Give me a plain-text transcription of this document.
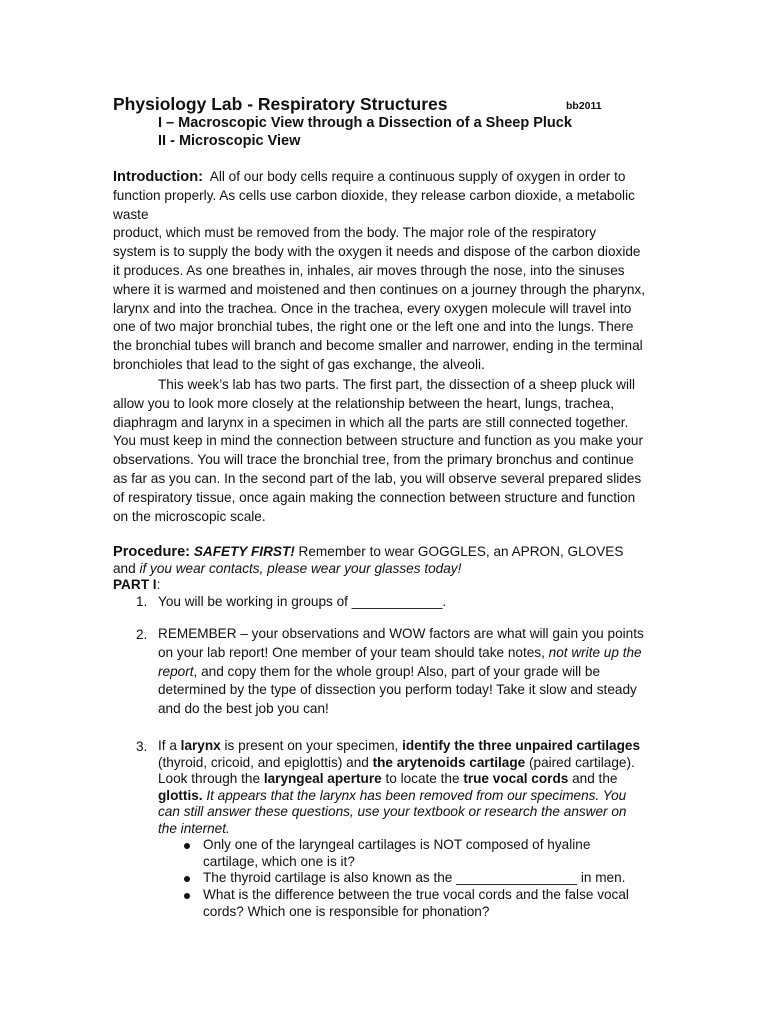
Physiology Lab - Respiratory Structures	bb2011
I – Macroscopic View through a Dissection of a Sheep Pluck
II - Microscopic View
Introduction: All of our body cells require a continuous supply of oxygen in order to
function properly. As cells use carbon dioxide, they release carbon dioxide, a metabolic waste
product, which must be removed from the body. The major role of the respiratory
system is to supply the body with the oxygen it needs and dispose of the carbon dioxide
it produces. As one breathes in, inhales, air moves through the nose, into the sinuses
where it is warmed and moistened and then continues on a journey through the pharynx,
larynx and into the trachea. Once in the trachea, every oxygen molecule will travel into
one of two major bronchial tubes, the right one or the left one and into the lungs. There
the bronchial tubes will branch and become smaller and narrower, ending in the terminal
bronchioles that lead to the sight of gas exchange, the alveoli.
This week’s lab has two parts. The first part, the dissection of a sheep pluck will
allow you to look more closely at the relationship between the heart, lungs, trachea,
diaphragm and larynx in a specimen in which all the parts are still connected together.
You must keep in mind the connection between structure and function as you make your
observations. You will trace the bronchial tree, from the primary bronchus and continue
as far as you can. In the second part of the lab, you will observe several prepared slides
of respiratory tissue, once again making the connection between structure and function
on the microscopic scale.
Procedure: SAFETY FIRST! Remember to wear GOGGLES, an APRON, GLOVES
and if you wear contacts, please wear your glasses today!
PART I:
1. You will be working in groups of ____________.
2. REMEMBER – your observations and WOW factors are what will gain you points
on your lab report! One member of your team should take notes, not write up the
report, and copy them for the whole group! Also, part of your grade will be
determined by the type of dissection you perform today! Take it slow and steady
and do the best job you can!
3. If a larynx is present on your specimen, identify the three unpaired cartilages
(thyroid, cricoid, and epiglottis) and the arytenoids cartilage (paired cartilage).
Look through the laryngeal aperture to locate the true vocal cords and the
glottis. It appears that the larynx has been removed from our specimens. You
can still answer these questions, use your textbook or research the answer on
the internet.
Only one of the laryngeal cartilages is NOT composed of hyaline
cartilage, which one is it?
The thyroid cartilage is also known as the ________________ in men.
What is the difference between the true vocal cords and the false vocal
cords? Which one is responsible for phonation?
